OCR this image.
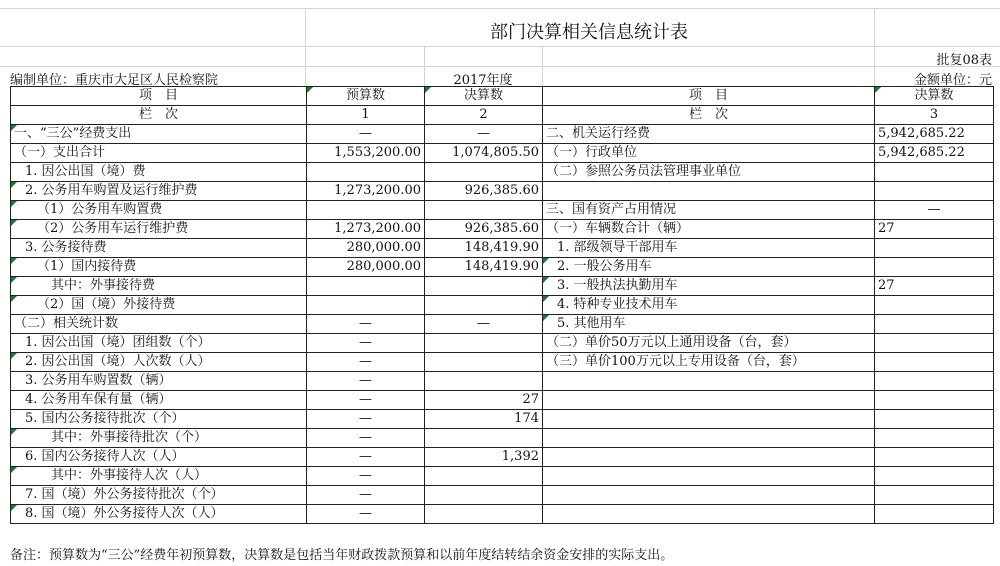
部门决算相关信息统计表
批复08表
编制单位：重庆市大足区人民检察院	2017年度	金额单位：元
项　目	预算数	决算数	项　目	决算数
栏　次	1	2	栏　次	3
一、“三公”经费支出	—	—	二、机关运行经费	5,942,685.22
（一）支出合计	1,553,200.00	1,074,805.50	（一）行政单位	5,942,685.22
1. 因公出国（境）费			（二）参照公务员法管理事业单位	
2. 公务用车购置及运行维护费	1,273,200.00	926,385.60		
（1）公务用车购置费			三、国有资产占用情况	—
（2）公务用车运行维护费	1,273,200.00	926,385.60	（一）车辆数合计（辆）	27
3. 公务接待费	280,000.00	148,419.90	1. 部级领导干部用车	
（1）国内接待费	280,000.00	148,419.90	2. 一般公务用车	
其中：外事接待费			3. 一般执法执勤用车	27
（2）国（境）外接待费			4. 特种专业技术用车	
（二）相关统计数	—	—	5. 其他用车	
1. 因公出国（境）团组数（个）	—		（二）单价50万元以上通用设备（台，套）	
2. 因公出国（境）人次数（人）	—		（三）单价100万元以上专用设备（台，套）	
3. 公务用车购置数（辆）	—			
4. 公务用车保有量（辆）	—	27		
5. 国内公务接待批次（个）	—	174		
其中：外事接待批次（个）	—			
6. 国内公务接待人次（人）	—	1,392		
其中：外事接待人次（人）	—			
7. 国（境）外公务接待批次（个）	—			
8. 国（境）外公务接待人次（人）	—			
备注：预算数为“三公”经费年初预算数，决算数是包括当年财政拨款预算和以前年度结转结余资金安排的实际支出。
